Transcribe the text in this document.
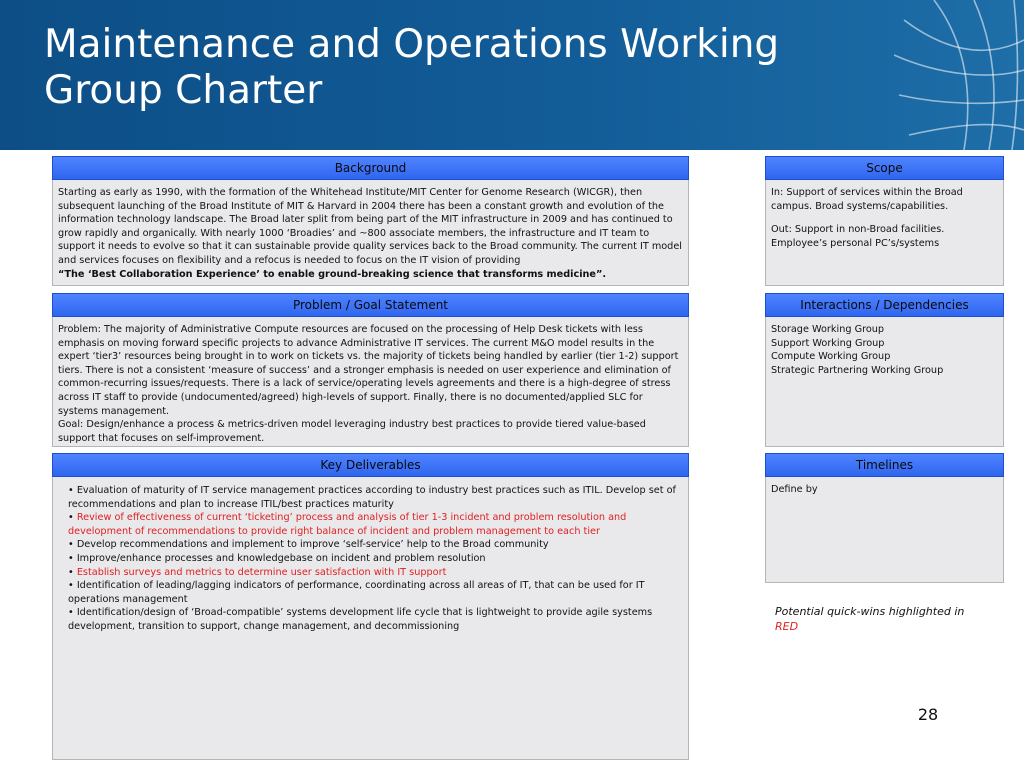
Maintenance and Operations Working Group Charter
Background
Starting as early as 1990, with the formation of the Whitehead Institute/MIT Center for Genome Research (WICGR), then subsequent launching of the Broad Institute of MIT & Harvard in 2004 there has been a constant growth and evolution of the information technology landscape. The Broad later split from being part of the MIT infrastructure in 2009 and has continued to grow rapidly and organically. With nearly 1000 ‘Broadies’ and ~800 associate members, the infrastructure and IT team to support it needs to evolve so that it can sustainable provide quality services back to the Broad community. The current IT model and services focuses on flexibility and a refocus is needed to focus on the IT vision of providing
“The ‘Best Collaboration Experience’ to enable ground-breaking science that transforms medicine”.
Scope
In: Support of services within the Broad campus. Broad systems/capabilities.
Out: Support in non-Broad facilities. Employee’s personal PC’s/systems
Problem / Goal Statement
Problem: The majority of Administrative Compute resources are focused on the processing of Help Desk tickets with less emphasis on moving forward specific projects to advance Administrative IT services. The current M&O model results in the expert ‘tier3’ resources being brought in to work on tickets vs. the majority of tickets being handled by earlier (tier 1-2) support tiers. There is not a consistent ‘measure of success’ and a stronger emphasis is needed on user experience and elimination of common-recurring issues/requests. There is a lack of service/operating levels agreements and there is a high-degree of stress across IT staff to provide (undocumented/agreed) high-levels of support. Finally, there is no documented/applied SLC for systems management.
Goal: Design/enhance a process & metrics-driven model leveraging industry best practices to provide tiered value-based support that focuses on self-improvement.
Interactions / Dependencies
Storage Working Group
Support Working Group
Compute Working Group
Strategic Partnering Working Group
Key Deliverables
• Evaluation of maturity of IT service management practices according to industry best practices such as ITIL. Develop set of recommendations and plan to increase ITIL/best practices maturity
• Review of effectiveness of current ‘ticketing’ process and analysis of tier 1-3 incident and problem resolution and development of recommendations to provide right balance of incident and problem management to each tier
• Develop recommendations and implement to improve ‘self-service’ help to the Broad community
• Improve/enhance processes and knowledgebase on incident and problem resolution
• Establish surveys and metrics to determine user satisfaction with IT support
• Identification of leading/lagging indicators of performance, coordinating across all areas of IT, that can be used for IT operations management
• Identification/design of ‘Broad-compatible’ systems development life cycle that is lightweight to provide agile systems development, transition to support, change management, and decommissioning
Timelines
Define by
Potential quick-wins highlighted in
RED
28
